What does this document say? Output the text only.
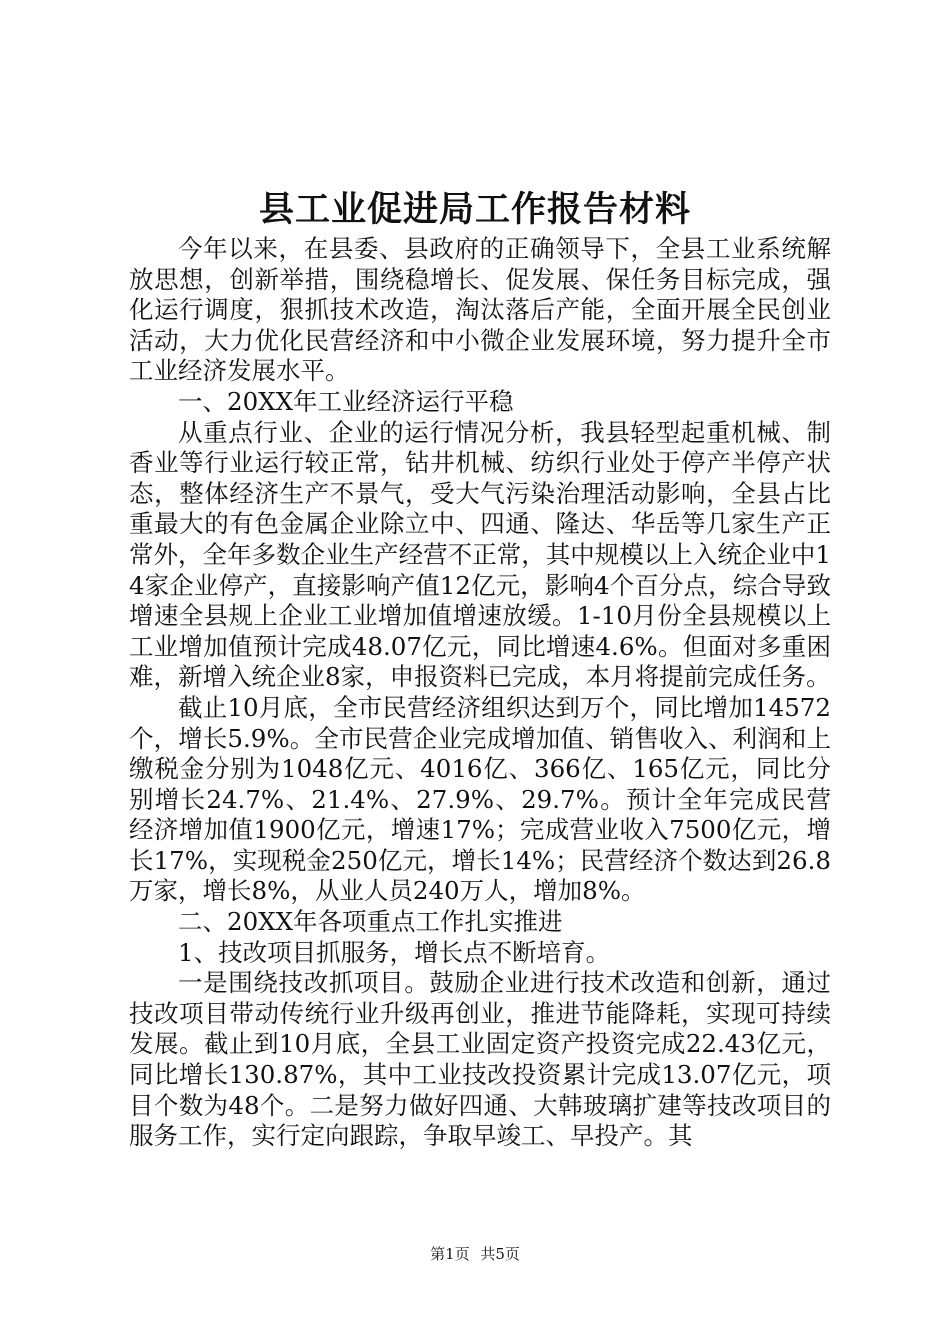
县工业促进局工作报告材料

今年以来，在县委、县政府的正确领导下，全县工业系统解放思想，创新举措，围绕稳增长、促发展、保任务目标完成，强化运行调度，狠抓技术改造，淘汰落后产能，全面开展全民创业活动，大力优化民营经济和中小微企业发展环境，努力提升全市工业经济发展水平。

一、20XX年工业经济运行平稳

从重点行业、企业的运行情况分析，我县轻型起重机械、制香业等行业运行较正常，钻井机械、纺织行业处于停产半停产状态，整体经济生产不景气，受大气污染治理活动影响，全县占比重最大的有色金属企业除立中、四通、隆达、华岳等几家生产正常外，全年多数企业生产经营不正常，其中规模以上入统企业中14家企业停产，直接影响产值12亿元，影响4个百分点，综合导致增速全县规上企业工业增加值增速放缓。1-10月份全县规模以上工业增加值预计完成48.07亿元，同比增速4.6%。但面对多重困难，新增入统企业8家，申报资料已完成，本月将提前完成任务。

截止10月底，全市民营经济组织达到万个，同比增加14572个，增长5.9%。全市民营企业完成增加值、销售收入、利润和上缴税金分别为1048亿元、4016亿、366亿、165亿元，同比分别增长24.7%、21.4%、27.9%、29.7%。预计全年完成民营经济增加值1900亿元，增速17%；完成营业收入7500亿元，增长17%，实现税金250亿元，增长14%；民营经济个数达到26.8万家，增长8%，从业人员240万人，增加8%。

二、20XX年各项重点工作扎实推进

1、技改项目抓服务，增长点不断培育。

一是围绕技改抓项目。鼓励企业进行技术改造和创新，通过技改项目带动传统行业升级再创业，推进节能降耗，实现可持续发展。截止到10月底，全县工业固定资产投资完成22.43亿元，同比增长130.87%，其中工业技改投资累计完成13.07亿元，项目个数为48个。二是努力做好四通、大韩玻璃扩建等技改项目的服务工作，实行定向跟踪，争取早竣工、早投产。其

第1页 共5页
